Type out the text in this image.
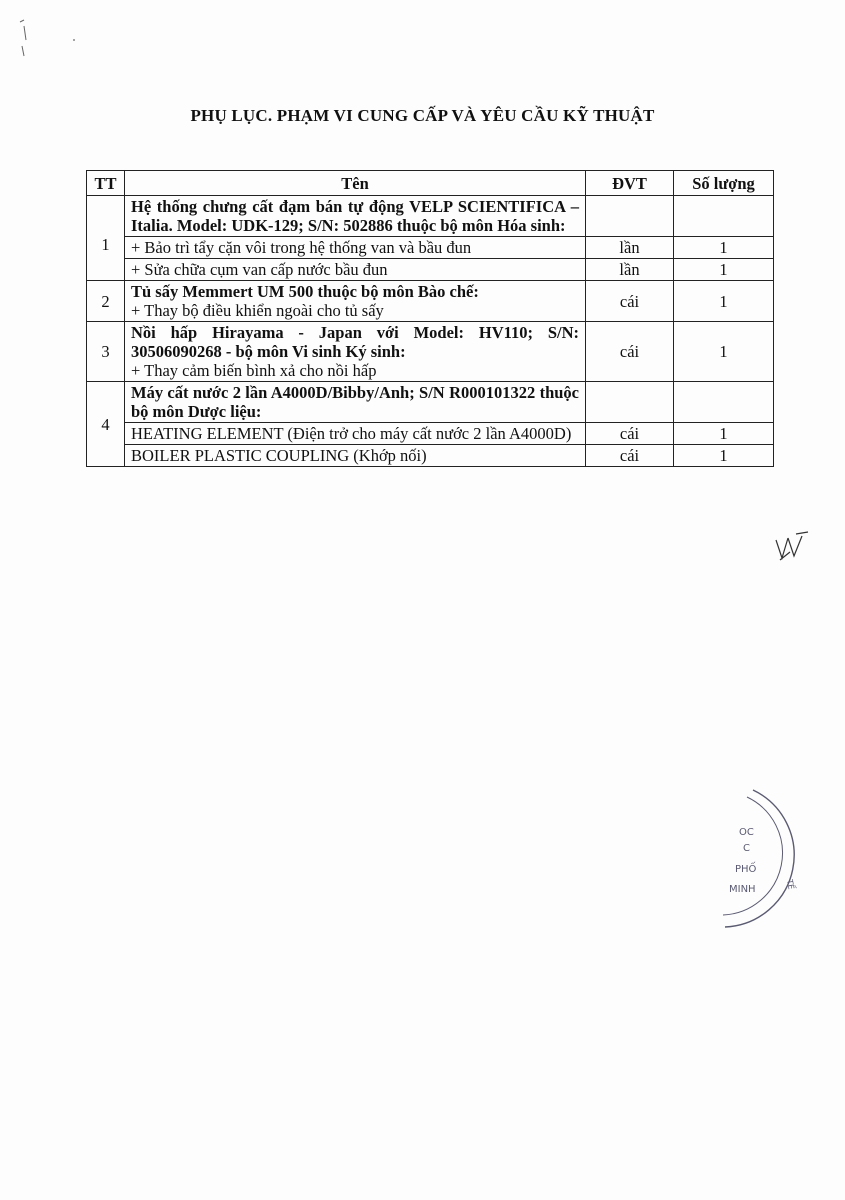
PHỤ LỤC. PHẠM VI CUNG CẤP VÀ YÊU CẦU KỸ THUẬT
TT	Tên	ĐVT	Số lượng
1	Hệ thống chưng cất đạm bán tự động VELP SCIENTIFICA – Italia. Model: UDK-129; S/N: 502886 thuộc bộ môn Hóa sinh:		
	+ Bảo trì tẩy cặn vôi trong hệ thống van và bầu đun	lần	1
	+ Sửa chữa cụm van cấp nước bầu đun	lần	1
2	Tủ sấy Memmert UM 500 thuộc bộ môn Bào chế:
+ Thay bộ điều khiển ngoài cho tủ sấy	cái	1
3	Nồi hấp Hirayama - Japan với Model: HV110; S/N: 30506090268 - bộ môn Vi sinh Ký sinh:
+ Thay cảm biến bình xả cho nồi hấp	cái	1
4	Máy cất nước 2 lần A4000D/Bibby/Anh; S/N R000101322 thuộc bộ môn Dược liệu:		
	HEATING ELEMENT (Điện trở cho máy cất nước 2 lần A4000D)	cái	1
	BOILER PLASTIC COUPLING (Khớp nối)	cái	1
ОС
С
PHỐ
MINH	TẾ
